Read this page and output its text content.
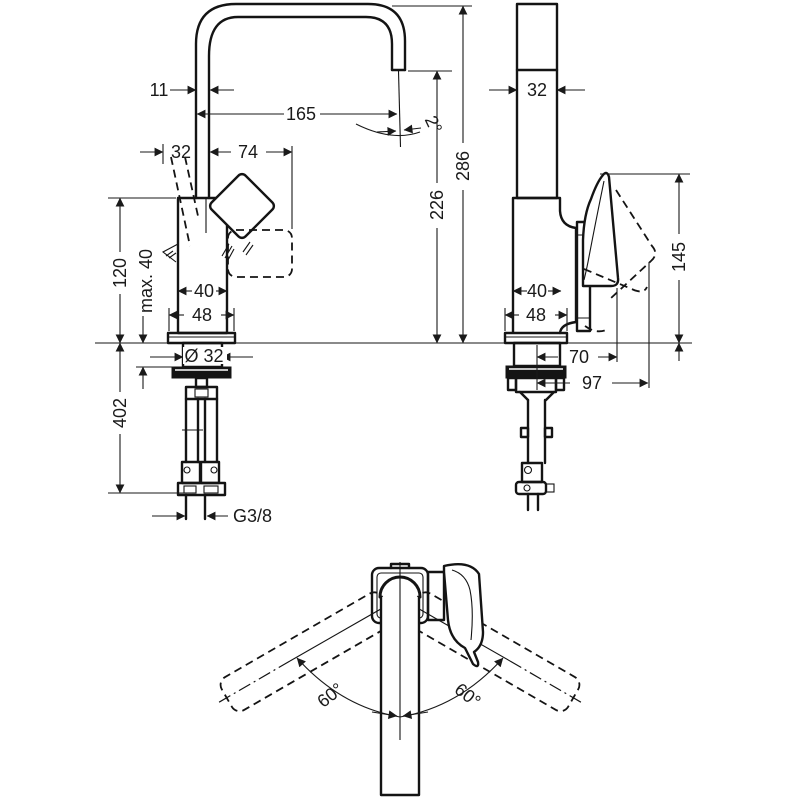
11
165	2°
32	74
120 max. 40 40
48
Ø 32
402
G3/8
32
226
286
145
40
48
70
97
60°	60°
